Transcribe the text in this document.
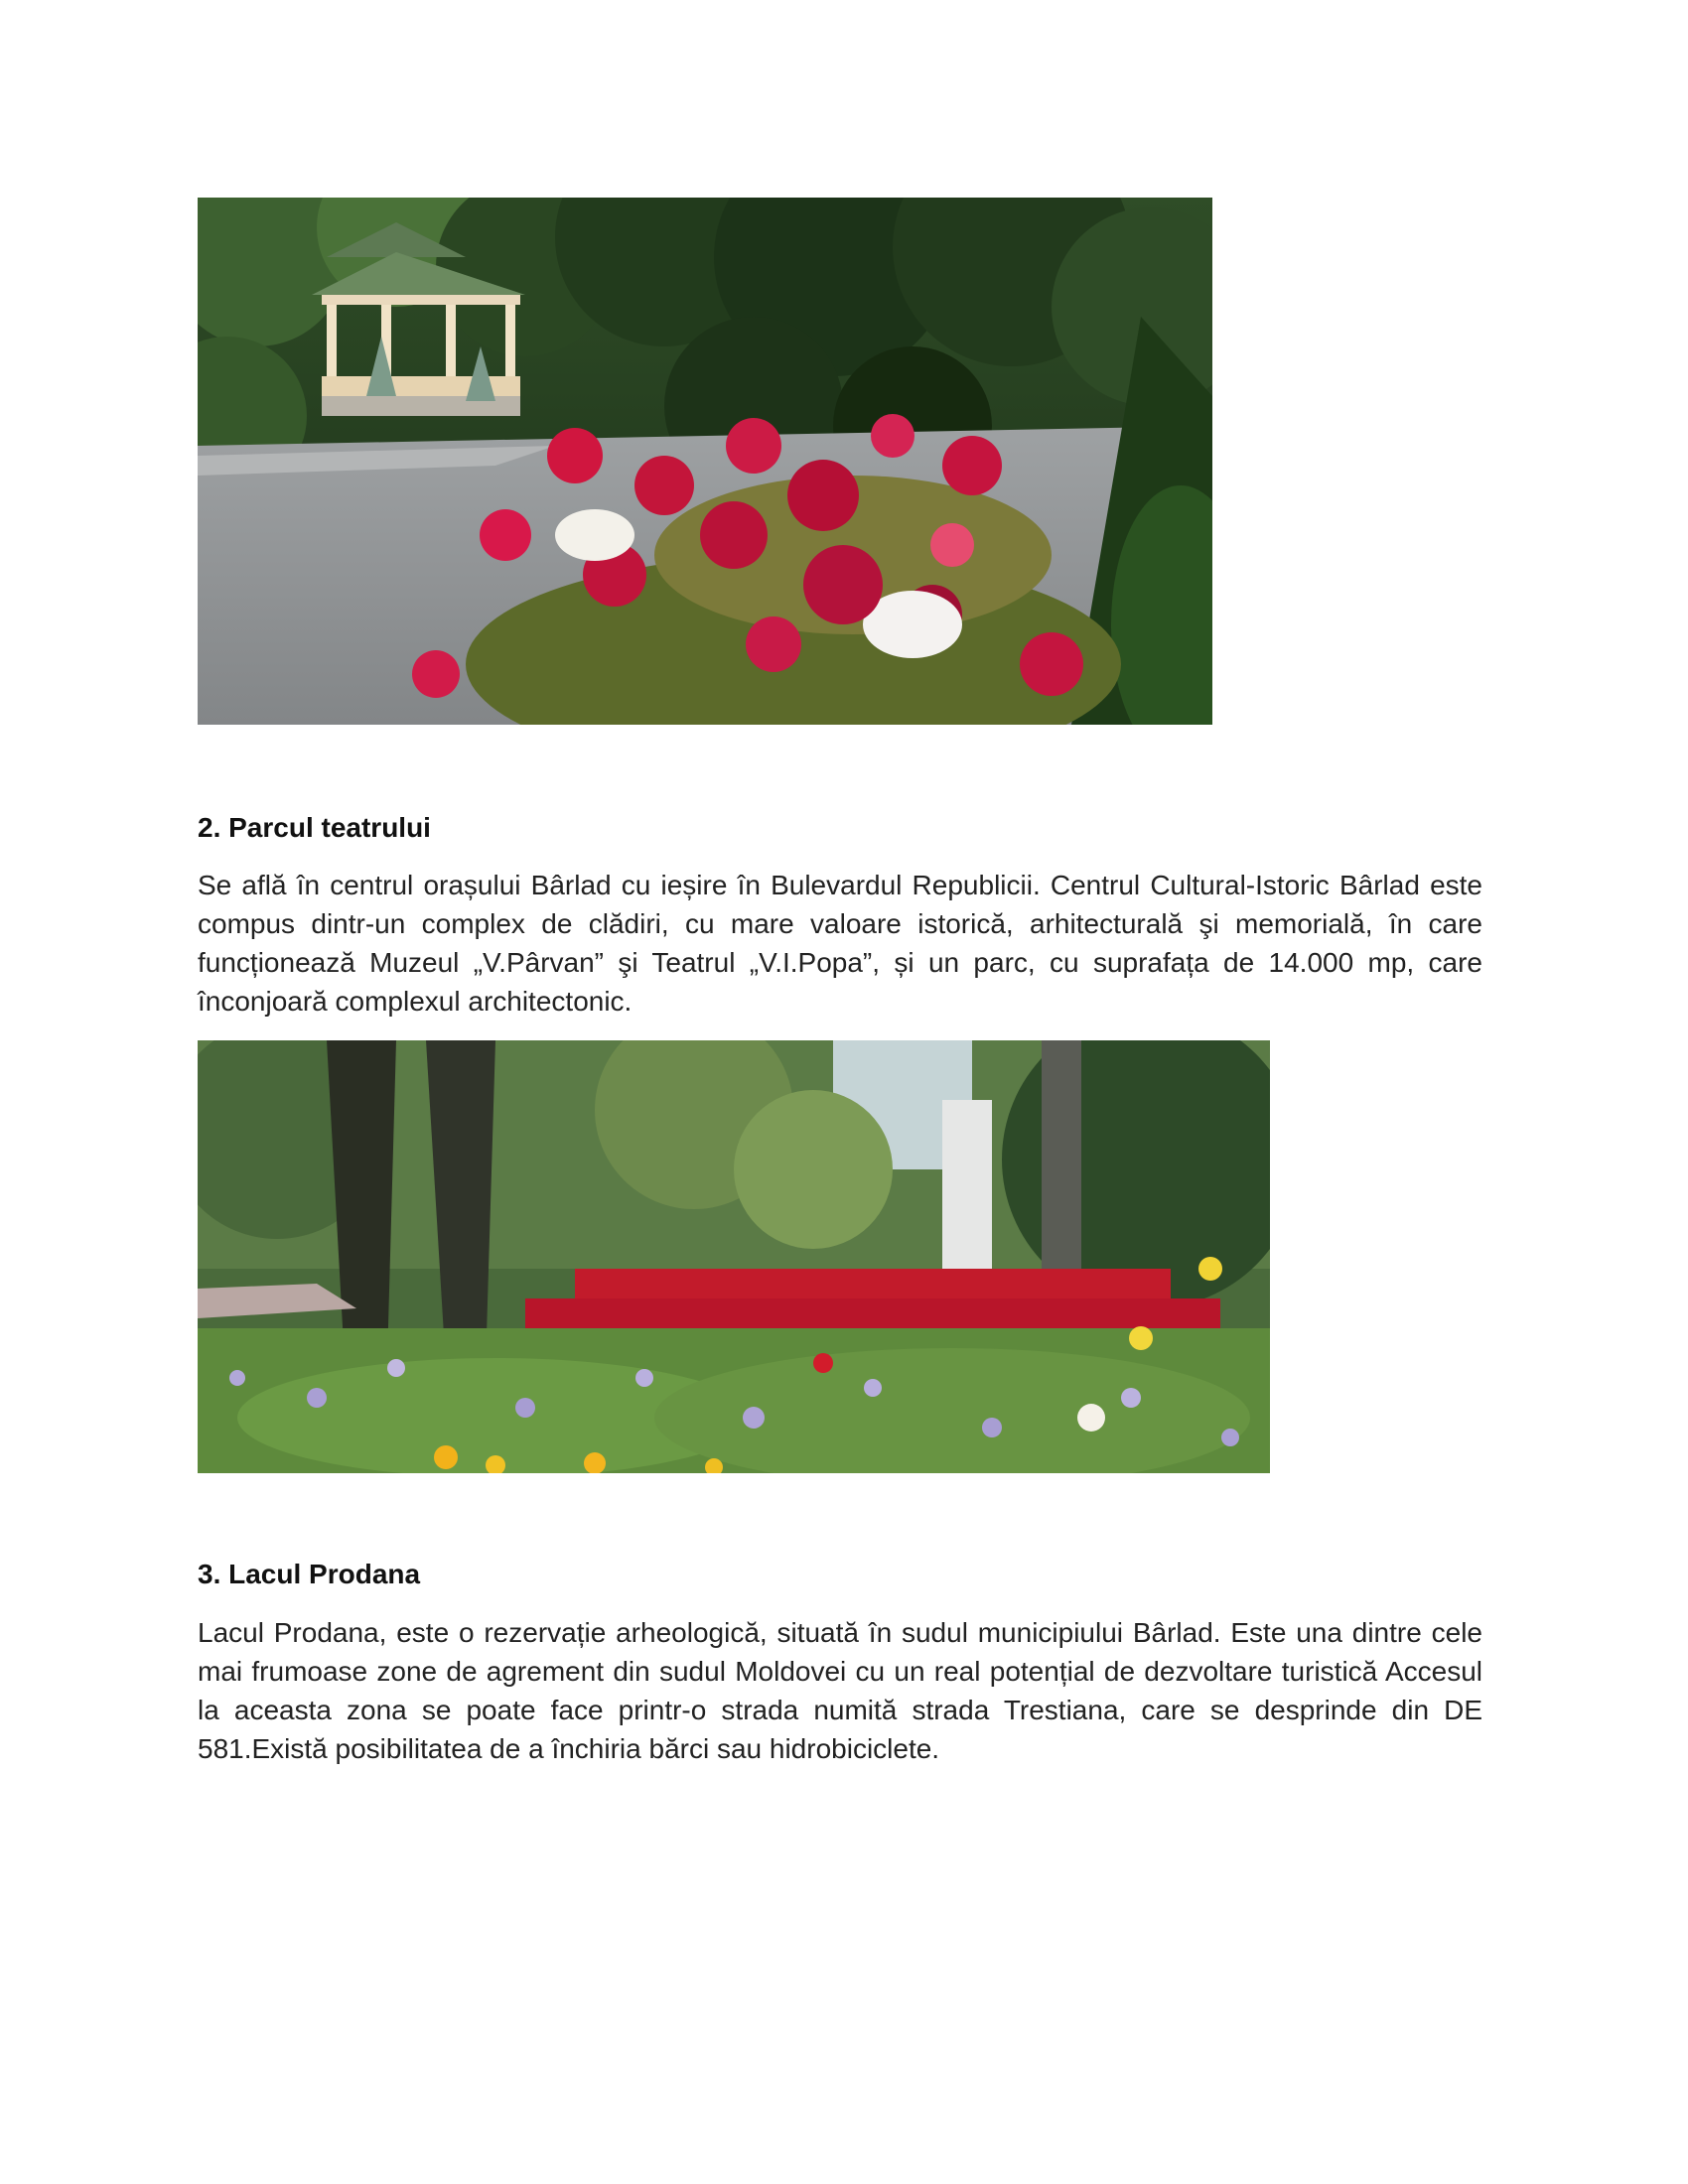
2. Parcul teatrului

Se află în centrul orașului Bârlad cu ieșire în Bulevardul Republicii. Centrul Cultural-Istoric Bârlad este compus dintr-un complex de clădiri, cu mare valoare istorică, arhitecturală şi memorială, în care funcționează Muzeul „V.Pârvan” şi Teatrul „V.I.Popa”, și un parc, cu suprafața de 14.000 mp, care înconjoară complexul architectonic.

3. Lacul Prodana

Lacul Prodana, este o rezervație arheologică, situată în sudul municipiului Bârlad. Este una dintre cele mai frumoase zone de agrement din sudul Moldovei cu un real potențial de dezvoltare turistică Accesul la aceasta zona se poate face printr-o strada numită strada Trestiana, care se desprinde din DE 581.Există posibilitatea de a închiria bărci sau hidrobiciclete.
